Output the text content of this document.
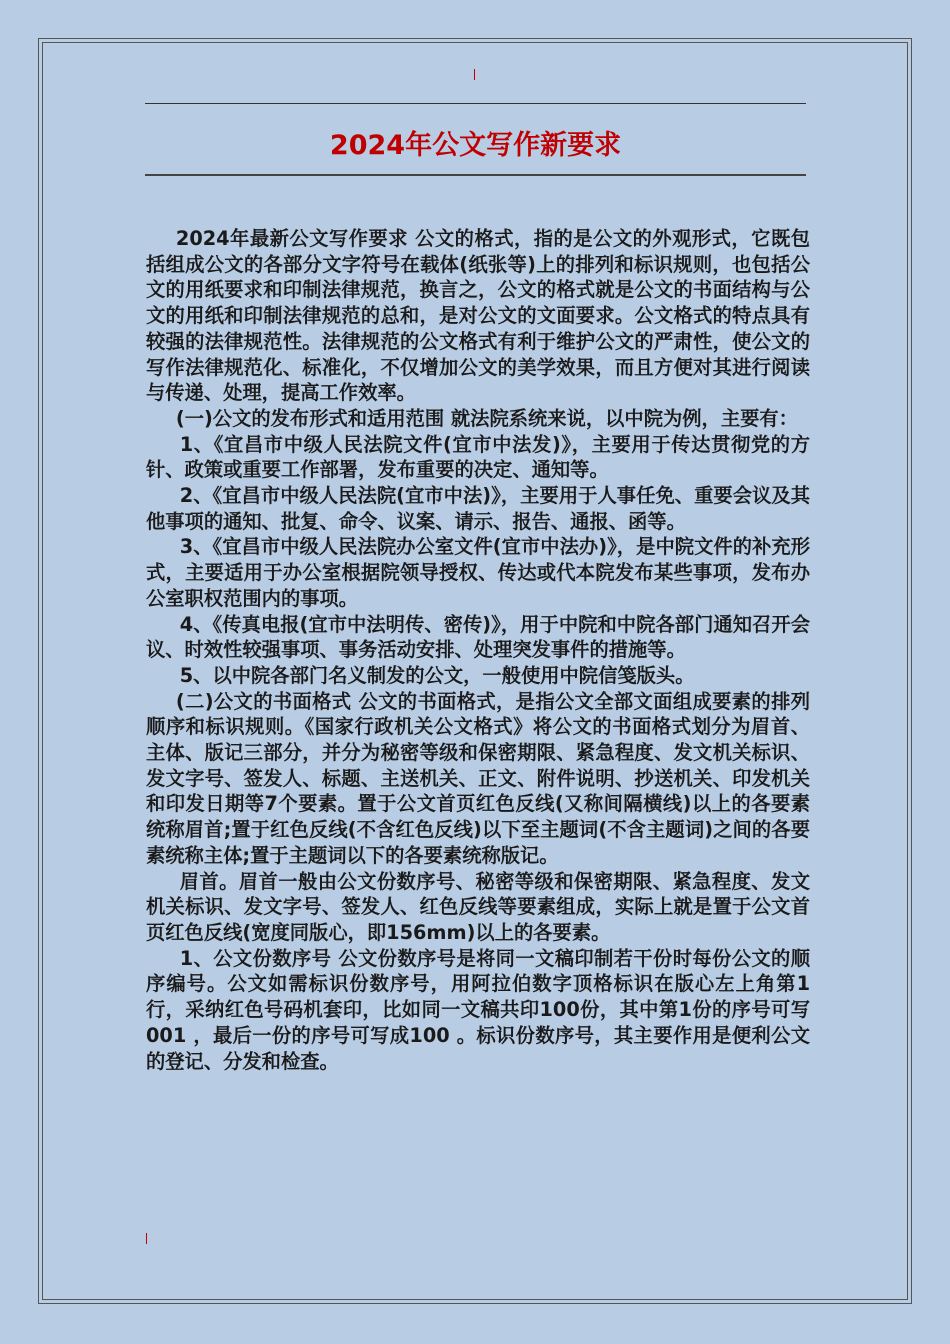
2024年公文写作新要求

2024年最新公文写作要求 公文的格式，指的是公文的外观形式，它既包括组成公文的各部分文字符号在载体(纸张等)上的排列和标识规则，也包括公文的用纸要求和印制法律规范，换言之，公文的格式就是公文的书面结构与公文的用纸和印制法律规范的总和，是对公文的文面要求。公文格式的特点具有较强的法律规范性。法律规范的公文格式有利于维护公文的严肃性，使公文的写作法律规范化、标准化，不仅增加公文的美学效果，而且方便对其进行阅读与传递、处理，提高工作效率。

(一)公文的发布形式和适用范围 就法院系统来说，以中院为例，主要有：

1、《宜昌市中级人民法院文件(宜市中法发)》，主要用于传达贯彻党的方针、政策或重要工作部署，发布重要的决定、通知等。

2、《宜昌市中级人民法院(宜市中法)》，主要用于人事任免、重要会议及其他事项的通知、批复、命令、议案、请示、报告、通报、函等。

3、《宜昌市中级人民法院办公室文件(宜市中法办)》，是中院文件的补充形式，主要适用于办公室根据院领导授权、传达或代本院发布某些事项，发布办公室职权范围内的事项。

4、《传真电报(宜市中法明传、密传)》，用于中院和中院各部门通知召开会议、时效性较强事项、事务活动安排、处理突发事件的措施等。

5、以中院各部门名义制发的公文，一般使用中院信笺版头。

(二)公文的书面格式 公文的书面格式，是指公文全部文面组成要素的排列顺序和标识规则。《国家行政机关公文格式》将公文的书面格式划分为眉首、主体、版记三部分，并分为秘密等级和保密期限、紧急程度、发文机关标识、发文字号、签发人、标题、主送机关、正文、附件说明、抄送机关、印发机关和印发日期等7个要素。置于公文首页红色反线(又称间隔横线)以上的各要素统称眉首;置于红色反线(不含红色反线)以下至主题词(不含主题词)之间的各要素统称主体;置于主题词以下的各要素统称版记。

眉首。眉首一般由公文份数序号、秘密等级和保密期限、紧急程度、发文机关标识、发文字号、签发人、红色反线等要素组成，实际上就是置于公文首页红色反线(宽度同版心，即156mm)以上的各要素。

1、公文份数序号 公文份数序号是将同一文稿印制若干份时每份公文的顺序编号。公文如需标识份数序号，用阿拉伯数字顶格标识在版心左上角第1行，采纳红色号码机套印，比如同一文稿共印100份，其中第1份的序号可写001 ，最后一份的序号可写成100 。标识份数序号，其主要作用是便利公文的登记、分发和检查。
